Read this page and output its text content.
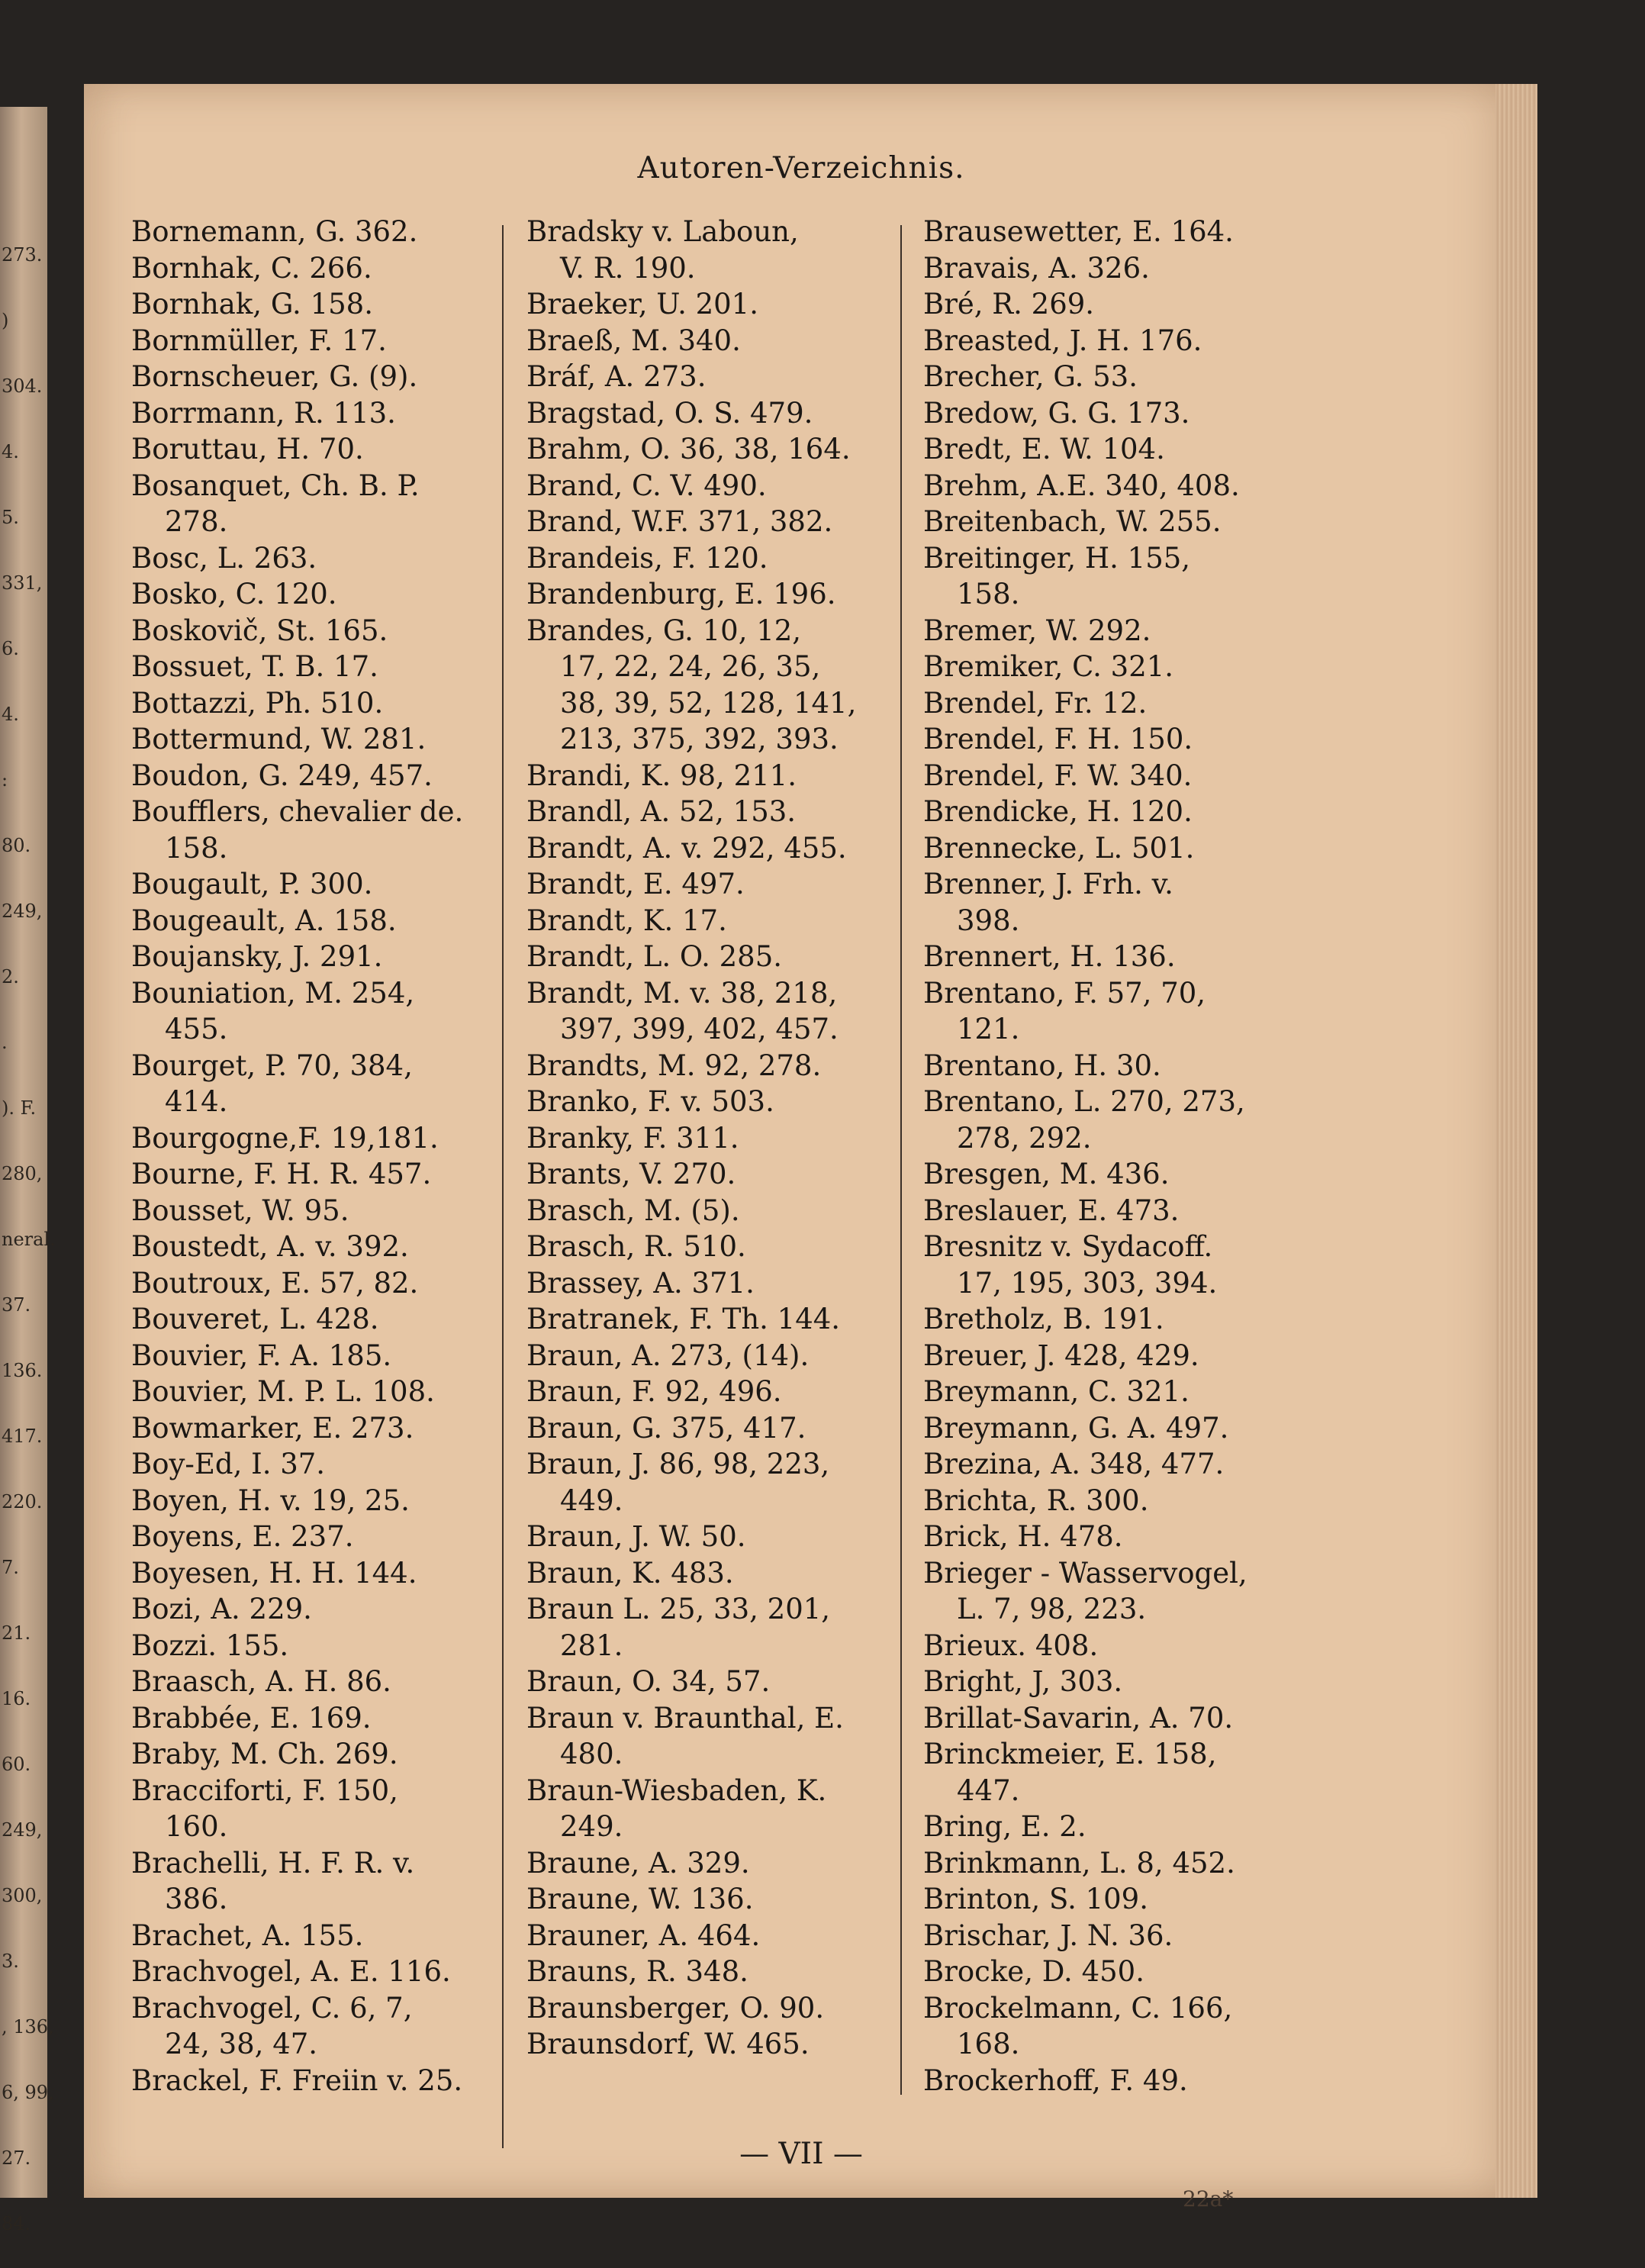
273.
)
304.
4.
5.
331,
6.
4.
:
80.
249,
2.
.
). F.
280,
neral.
37.
136.
417.
220.
7.
21.
16.
60.
249,
300,
3.
, 136,
6, 99,
27.
84.
Autoren-Verzeichnis.
Bornemann, G. 362.
Bornhak, C. 266.
Bornhak, G. 158.
Bornmüller, F. 17.
Bornscheuer, G. (9).
Borrmann, R. 113.
Boruttau, H. 70.
Bosanquet, Ch. B. P.
278.
Bosc, L. 263.
Bosko, C. 120.
Boskovič, St. 165.
Bossuet, T. B. 17.
Bottazzi, Ph. 510.
Bottermund, W. 281.
Boudon, G. 249, 457.
Boufflers, chevalier de.
158.
Bougault, P. 300.
Bougeault, A. 158.
Boujansky, J. 291.
Bouniation, M. 254,
455.
Bourget, P. 70, 384,
414.
Bourgogne,F. 19,181.
Bourne, F. H. R. 457.
Bousset, W. 95.
Boustedt, A. v. 392.
Boutroux, E. 57, 82.
Bouveret, L. 428.
Bouvier, F. A. 185.
Bouvier, M. P. L. 108.
Bowmarker, E. 273.
Boy-Ed, I. 37.
Boyen, H. v. 19, 25.
Boyens, E. 237.
Boyesen, H. H. 144.
Bozi, A. 229.
Bozzi. 155.
Braasch, A. H. 86.
Brabbée, E. 169.
Braby, M. Ch. 269.
Bracciforti, F. 150,
160.
Brachelli, H. F. R. v.
386.
Brachet, A. 155.
Brachvogel, A. E. 116.
Brachvogel, C. 6, 7,
24, 38, 47.
Brackel, F. Freiin v. 25.
Bradsky v. Laboun,
V. R. 190.
Braeker, U. 201.
Braeß, M. 340.
Bráf, A. 273.
Bragstad, O. S. 479.
Brahm, O. 36, 38, 164.
Brand, C. V. 490.
Brand, W.F. 371, 382.
Brandeis, F. 120.
Brandenburg, E. 196.
Brandes, G. 10, 12,
17, 22, 24, 26, 35,
38, 39, 52, 128, 141,
213, 375, 392, 393.
Brandi, K. 98, 211.
Brandl, A. 52, 153.
Brandt, A. v. 292, 455.
Brandt, E. 497.
Brandt, K. 17.
Brandt, L. O. 285.
Brandt, M. v. 38, 218,
397, 399, 402, 457.
Brandts, M. 92, 278.
Branko, F. v. 503.
Branky, F. 311.
Brants, V. 270.
Brasch, M. (5).
Brasch, R. 510.
Brassey, A. 371.
Bratranek, F. Th. 144.
Braun, A. 273, (14).
Braun, F. 92, 496.
Braun, G. 375, 417.
Braun, J. 86, 98, 223,
449.
Braun, J. W. 50.
Braun, K. 483.
Braun L. 25, 33, 201,
281.
Braun, O. 34, 57.
Braun v. Braunthal, E.
480.
Braun-Wiesbaden, K.
249.
Braune, A. 329.
Braune, W. 136.
Brauner, A. 464.
Brauns, R. 348.
Braunsberger, O. 90.
Braunsdorf, W. 465.
Brausewetter, E. 164.
Bravais, A. 326.
Bré, R. 269.
Breasted, J. H. 176.
Brecher, G. 53.
Bredow, G. G. 173.
Bredt, E. W. 104.
Brehm, A.E. 340, 408.
Breitenbach, W. 255.
Breitinger, H. 155,
158.
Bremer, W. 292.
Bremiker, C. 321.
Brendel, Fr. 12.
Brendel, F. H. 150.
Brendel, F. W. 340.
Brendicke, H. 120.
Brennecke, L. 501.
Brenner, J. Frh. v.
398.
Brennert, H. 136.
Brentano, F. 57, 70,
121.
Brentano, H. 30.
Brentano, L. 270, 273,
278, 292.
Bresgen, M. 436.
Breslauer, E. 473.
Bresnitz v. Sydacoff.
17, 195, 303, 394.
Bretholz, B. 191.
Breuer, J. 428, 429.
Breymann, C. 321.
Breymann, G. A. 497.
Brezina, A. 348, 477.
Brichta, R. 300.
Brick, H. 478.
Brieger - Wasservogel,
L. 7, 98, 223.
Brieux. 408.
Bright, J, 303.
Brillat-Savarin, A. 70.
Brinckmeier, E. 158,
447.
Bring, E. 2.
Brinkmann, L. 8, 452.
Brinton, S. 109.
Brischar, J. N. 36.
Brocke, D. 450.
Brockelmann, C. 166,
168.
Brockerhoff, F. 49.
— VII —
22a*
